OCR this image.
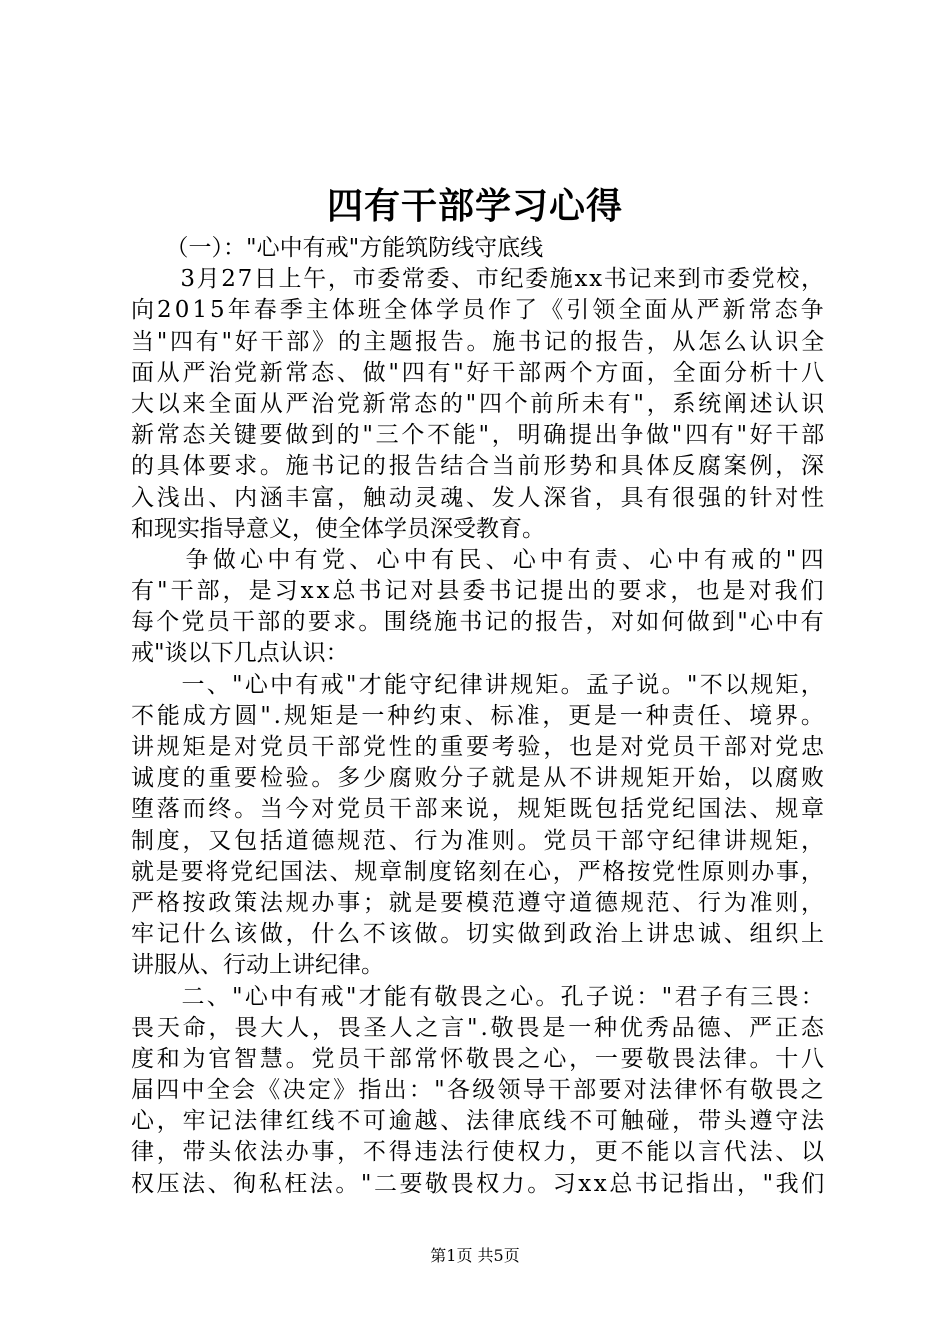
四有干部学习心得
　　（一）："心中有戒"方能筑防线守底线
　　3月27日上午，市委常委、市纪委施xx书记来到市委党校，
向2015年春季主体班全体学员作了《引领全面从严新常态争
当"四有"好干部》的主题报告。施书记的报告，从怎么认识全
面从严治党新常态、做"四有"好干部两个方面，全面分析十八
大以来全面从严治党新常态的"四个前所未有"，系统阐述认识
新常态关键要做到的"三个不能"，明确提出争做"四有"好干部
的具体要求。施书记的报告结合当前形势和具体反腐案例，深
入浅出、内涵丰富，触动灵魂、发人深省，具有很强的针对性
和现实指导意义，使全体学员深受教育。
　　争做心中有党、心中有民、心中有责、心中有戒的"四
有"干部，是习xx总书记对县委书记提出的要求，也是对我们
每个党员干部的要求。围绕施书记的报告，对如何做到"心中有
戒"谈以下几点认识：
　　一、"心中有戒"才能守纪律讲规矩。孟子说。"不以规矩，
不能成方圆".规矩是一种约束、标准，更是一种责任、境界。
讲规矩是对党员干部党性的重要考验，也是对党员干部对党忠
诚度的重要检验。多少腐败分子就是从不讲规矩开始，以腐败
堕落而终。当今对党员干部来说，规矩既包括党纪国法、规章
制度，又包括道德规范、行为准则。党员干部守纪律讲规矩，
就是要将党纪国法、规章制度铭刻在心，严格按党性原则办事，
严格按政策法规办事；就是要模范遵守道德规范、行为准则，
牢记什么该做，什么不该做。切实做到政治上讲忠诚、组织上
讲服从、行动上讲纪律。
　　二、"心中有戒"才能有敬畏之心。孔子说："君子有三畏：
畏天命，畏大人，畏圣人之言".敬畏是一种优秀品德、严正态
度和为官智慧。党员干部常怀敬畏之心，一要敬畏法律。十八
届四中全会《决定》指出："各级领导干部要对法律怀有敬畏之
心，牢记法律红线不可逾越、法律底线不可触碰，带头遵守法
律，带头依法办事，不得违法行使权力，更不能以言代法、以
权压法、徇私枉法。"二要敬畏权力。习xx总书记指出，"我们
第1页 共5页
